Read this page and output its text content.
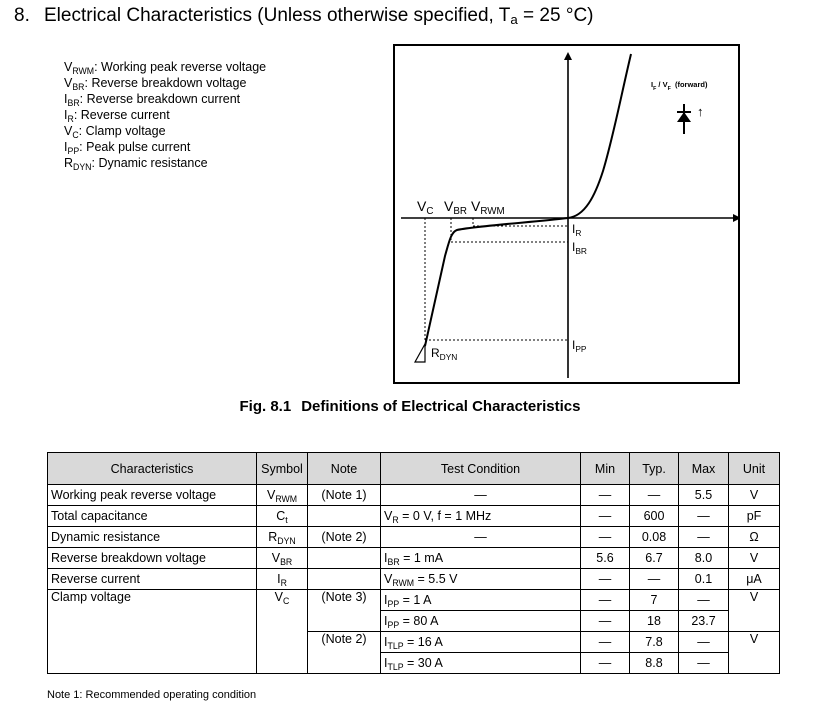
8. Electrical Characteristics (Unless otherwise specified, $T_a = 25$ °C)
$V_{RWM}$: Working peak reverse voltage
$V_{BR}$: Reverse breakdown voltage
$I_{BR}$: Reverse breakdown current
$I_R$: Reverse current
$V_C$: Clamp voltage
$I_{PP}$: Peak pulse current
$R_{DYN}$: Dynamic resistance
$I_F / V_F$  (forward)
↑
$V_C$ $V_{BR}$ $V_{RWM}$
$I_R$
$I_{BR}$
$I_{PP}$
$R_{DYN}$
Fig. 8.1 Definitions of Electrical Characteristics
Characteristics	Symbol	Note	Test Condition	Min	Typ.	Max	Unit
Working peak reverse voltage	$V_{RWM}$	(Note 1)	—	—	—	5.5	V
Total capacitance	$C_t$		$V_R = 0$ V, f = 1 MHz	—	600	—	pF
Dynamic resistance	$R_{DYN}$	(Note 2)	—	—	0.08	—	Ω
Reverse breakdown voltage	$V_{BR}$		$I_{BR} = 1$ mA	5.6	6.7	8.0	V
Reverse current	$I_R$		$V_{RWM} = 5.5$ V	—	—	0.1	μA
Clamp voltage	$V_C$	(Note 3)	$I_{PP} = 1$ A	—	7	—	V
			$I_{PP} = 80$ A	—	18	23.7	
		(Note 2)	$I_{TLP} = 16$ A	—	7.8	—	V
			$I_{TLP} = 30$ A	—	8.8	—	
Note 1: Recommended operating condition
